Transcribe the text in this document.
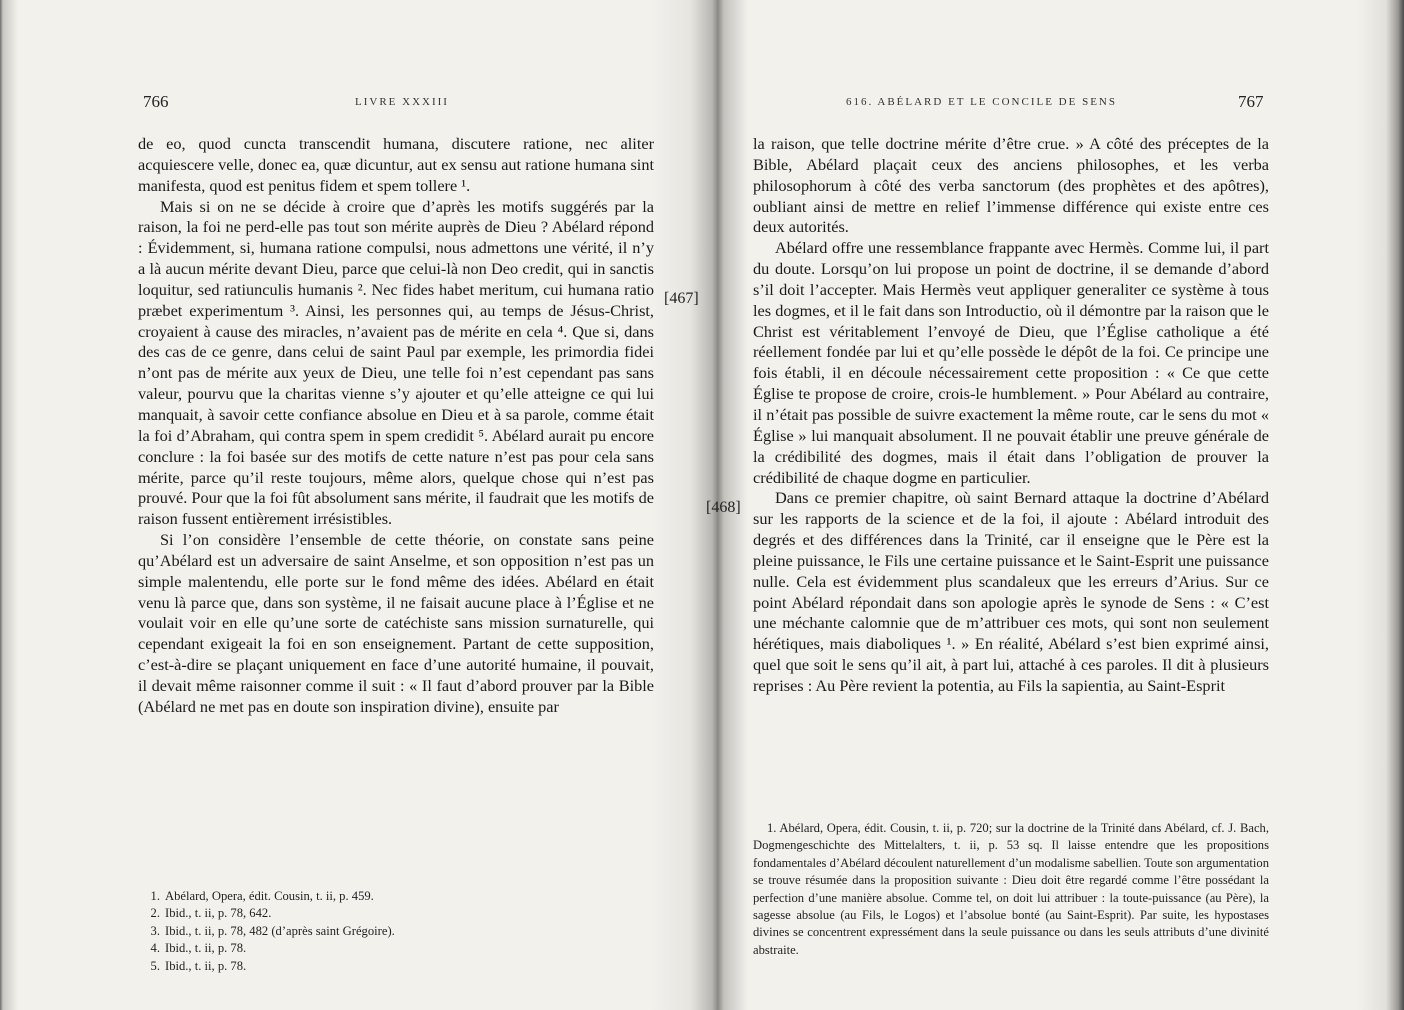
766	LIVRE XXXIII

de eo, quod cuncta transcendit humana, discutere ratione, nec aliter acquiescere velle, donec ea, quæ dicuntur, aut ex sensu aut ratione humana sint manifesta, quod est penitus fidem et spem tollere ¹.

Mais si on ne se décide à croire que d’après les motifs suggérés par la raison, la foi ne perd-elle pas tout son mérite auprès de Dieu ? Abélard répond : Évidemment, si, humana ratione compulsi, nous admettons une vérité, il n’y a là aucun mérite devant Dieu, parce que celui-là non Deo credit, qui in sanctis loquitur, sed ratiunculis humanis ². Nec fides habet meritum, cui humana ratio præbet experimentum ³. Ainsi, les personnes qui, au temps de Jésus-Christ, croyaient à cause des miracles, n’avaient pas de mérite en cela ⁴. Que si, dans des cas de ce genre, dans celui de saint Paul par exemple, les primordia fidei n’ont pas de mérite aux yeux de Dieu, une telle foi n’est cependant pas sans valeur, pourvu que la charitas vienne s’y ajouter et qu’elle atteigne ce qui lui manquait, à savoir cette confiance absolue en Dieu et à sa parole, comme était la foi d’Abraham, qui contra spem in spem credidit ⁵. Abélard aurait pu encore conclure : la foi basée sur des motifs de cette nature n’est pas pour cela sans mérite, parce qu’il reste toujours, même alors, quelque chose qui n’est pas prouvé. Pour que la foi fût absolument sans mérite, il faudrait que les motifs de raison fussent entièrement irrésistibles.

Si l’on considère l’ensemble de cette théorie, on constate sans peine qu’Abélard est un adversaire de saint Anselme, et son opposition n’est pas un simple malentendu, elle porte sur le fond même des idées. Abélard en était venu là parce que, dans son système, il ne faisait aucune place à l’Église et ne voulait voir en elle qu’une sorte de catéchiste sans mission surnaturelle, qui cependant exigeait la foi en son enseignement. Partant de cette supposition, c’est-à-dire se plaçant uniquement en face d’une autorité humaine, il pouvait, il devait même raisonner comme il suit : « Il faut d’abord prouver par la Bible (Abélard ne met pas en doute son inspiration divine), ensuite par

[467]

1. Abélard, Opera, édit. Cousin, t. ii, p. 459.

2. Ibid., t. ii, p. 78, 642.

3. Ibid., t. ii, p. 78, 482 (d’après saint Grégoire).

4. Ibid., t. ii, p. 78.

5. Ibid., t. ii, p. 78.

616. ABÉLARD ET LE CONCILE DE SENS	767

la raison, que telle doctrine mérite d’être crue. » A côté des préceptes de la Bible, Abélard plaçait ceux des anciens philosophes, et les verba philosophorum à côté des verba sanctorum (des prophètes et des apôtres), oubliant ainsi de mettre en relief l’immense différence qui existe entre ces deux autorités.

Abélard offre une ressemblance frappante avec Hermès. Comme lui, il part du doute. Lorsqu’on lui propose un point de doctrine, il se demande d’abord s’il doit l’accepter. Mais Hermès veut appliquer generaliter ce système à tous les dogmes, et il le fait dans son Introductio, où il démontre par la raison que le Christ est véritablement l’envoyé de Dieu, que l’Église catholique a été réellement fondée par lui et qu’elle possède le dépôt de la foi. Ce principe une fois établi, il en découle nécessairement cette proposition : « Ce que cette Église te propose de croire, crois-le humblement. » Pour Abélard au contraire, il n’était pas possible de suivre exactement la même route, car le sens du mot « Église » lui manquait absolument. Il ne pouvait établir une preuve générale de la crédibilité des dogmes, mais il était dans l’obligation de prouver la crédibilité de chaque dogme en particulier.

Dans ce premier chapitre, où saint Bernard attaque la doctrine d’Abélard sur les rapports de la science et de la foi, il ajoute : Abélard introduit des degrés et des différences dans la Trinité, car il enseigne que le Père est la pleine puissance, le Fils une certaine puissance et le Saint-Esprit une puissance nulle. Cela est évidemment plus scandaleux que les erreurs d’Arius. Sur ce point Abélard répondait dans son apologie après le synode de Sens : « C’est une méchante calomnie que de m’attribuer ces mots, qui sont non seulement hérétiques, mais diaboliques ¹. » En réalité, Abélard s’est bien exprimé ainsi, quel que soit le sens qu’il ait, à part lui, attaché à ces paroles. Il dit à plusieurs reprises : Au Père revient la potentia, au Fils la sapientia, au Saint-Esprit

[468]

1. Abélard, Opera, édit. Cousin, t. ii, p. 720; sur la doctrine de la Trinité dans Abélard, cf. J. Bach, Dogmengeschichte des Mittelalters, t. ii, p. 53 sq. Il laisse entendre que les propositions fondamentales d’Abélard découlent naturellement d’un modalisme sabellien. Toute son argumentation se trouve résumée dans la proposition suivante : Dieu doit être regardé comme l’être possédant la perfection d’une manière absolue. Comme tel, on doit lui attribuer : la toute-puissance (au Père), la sagesse absolue (au Fils, le Logos) et l’absolue bonté (au Saint-Esprit). Par suite, les hypostases divines se concentrent expressément dans la seule puissance ou dans les seuls attributs d’une divinité abstraite.
